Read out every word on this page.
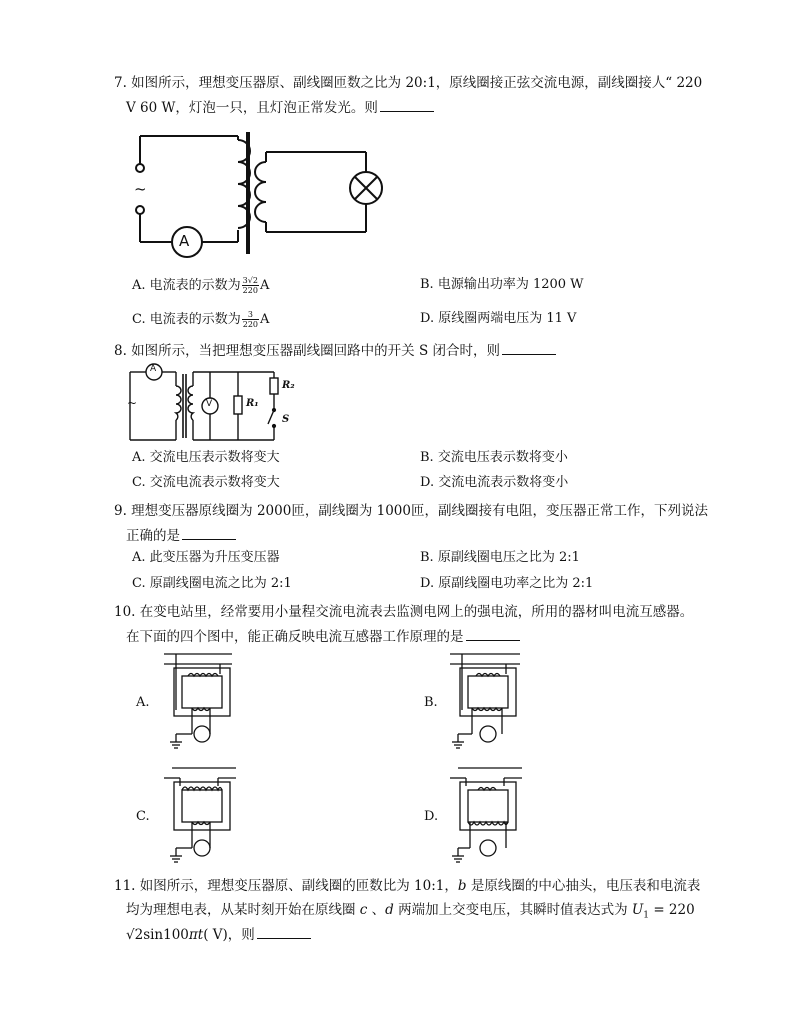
7. 如图所示，理想变压器原、副线圈匝数之比为 20:1，原线圈接正弦交流电源，副线圈接人“ 220
V 60 W，灯泡一只，且灯泡正常发光。则
A
~
A. 电流表的示数为 $\frac{3√2}{220}$ A	B. 电源输出功率为 1200 W
C. 电流表的示数为 $\frac{3}{220}$ A	D. 原线圈两端电压为 11 V
8. 如图所示，当把理想变压器副线圈回路中的开关 S 闭合时，则
A
V	R₁
R₂
S
~
A. 交流电压表示数将变大	B. 交流电压表示数将变小
C. 交流电流表示数将变大	D. 交流电流表示数将变小
9. 理想变压器原线圈为 2000匝，副线圈为 1000匝，副线圈接有电阻，变压器正常工作，下列说法
正确的是
A. 此变压器为升压变压器	B. 原副线圈电压之比为 2:1
C. 原副线圈电流之比为 2:1	D. 原副线圈电功率之比为 2:1
10. 在变电站里，经常要用小量程交流电流表去监测电网上的强电流，所用的器材叫电流互感器。
在下面的四个图中，能正确反映电流互感器工作原理的是
A.	B.
C.	D.
11. 如图所示，理想变压器原、副线圈的匝数比为 10:1，b 是原线圈的中心抽头，电压表和电流表
均为理想电表，从某时刻开始在原线圈 c 、d 两端加上交变电压，其瞬时值表达式为 $U_1 = 220$
√2sin100πt( V)，则
